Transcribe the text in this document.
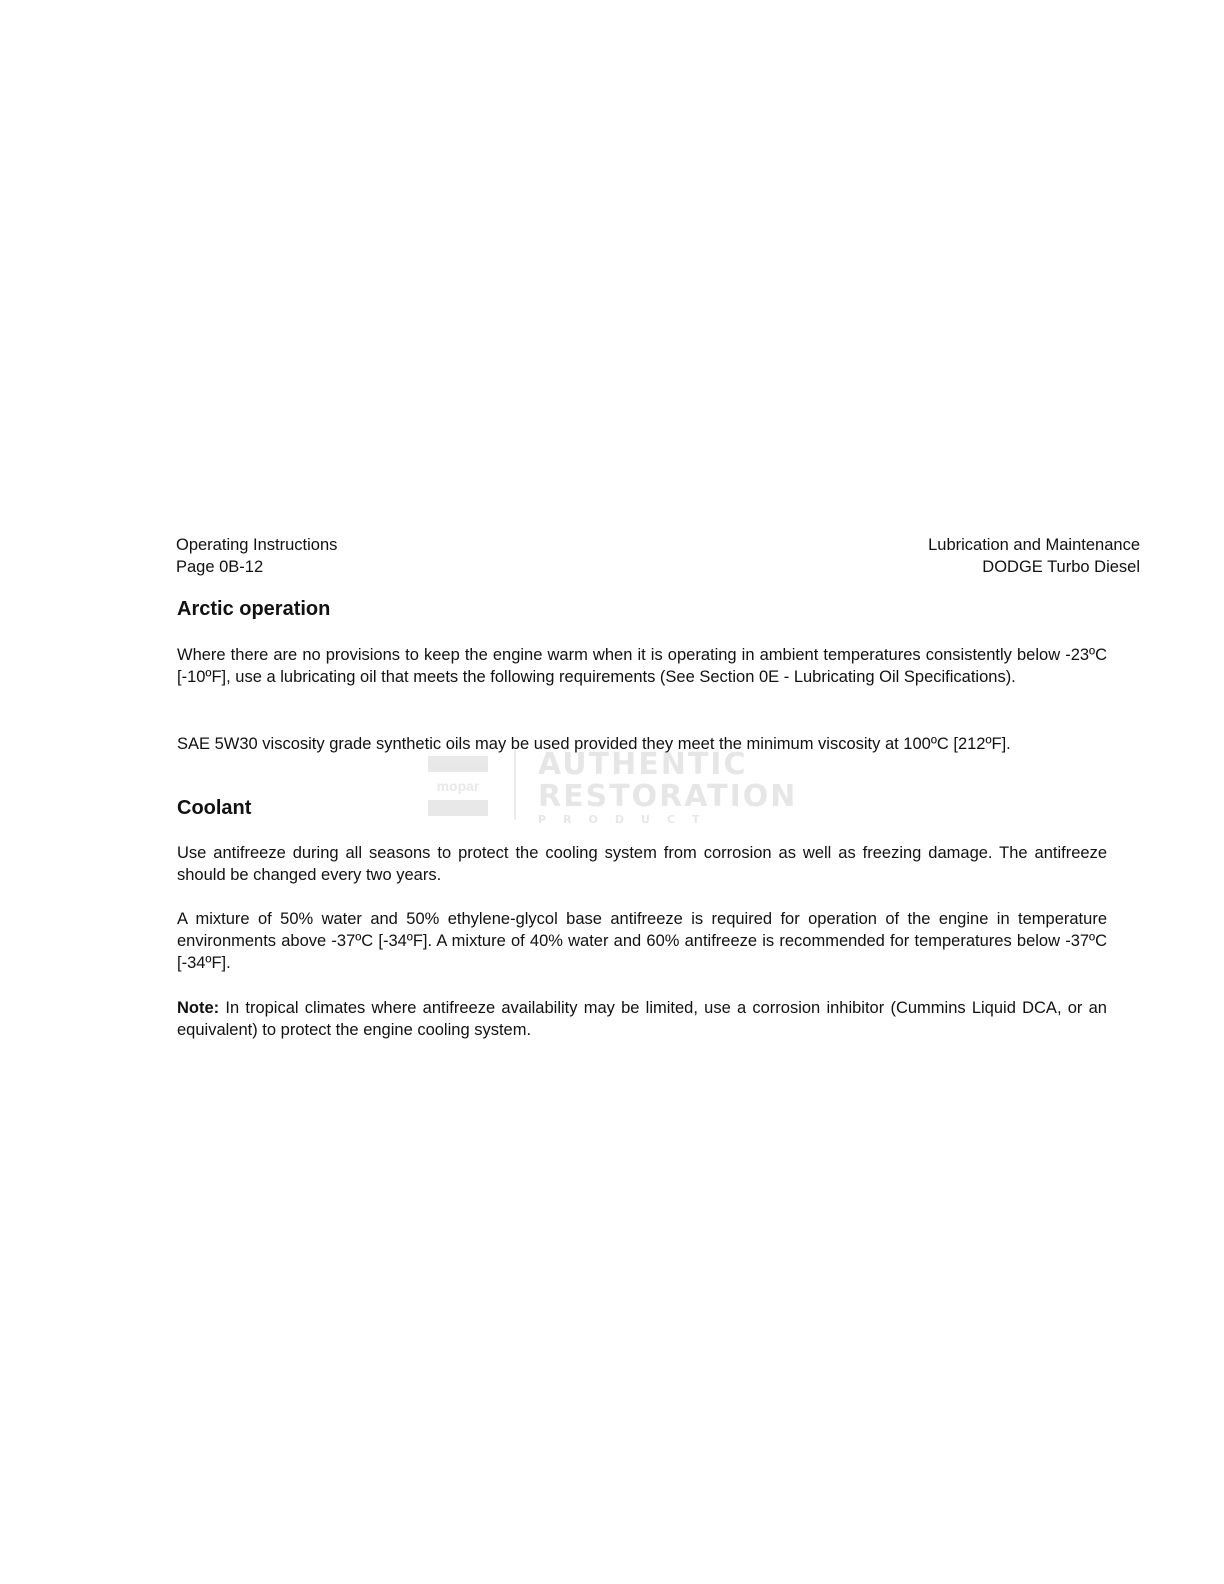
Operating Instructions
Page 0B-12
Lubrication and Maintenance
DODGE Turbo Diesel
Arctic operation
Where there are no provisions to keep the engine warm when it is operating in ambient temperatures consistently below -23ºC [-10ºF], use a lubricating oil that meets the following requirements (See Section 0E - Lubricating Oil Specifications).
SAE 5W30 viscosity grade synthetic oils may be used provided they meet the minimum viscosity at 100ºC [212ºF].
mopar
AUTHENTIC
RESTORATION
PRODUCT
Coolant
Use antifreeze during all seasons to protect the cooling system from corrosion as well as freezing damage. The antifreeze should be changed every two years.
A mixture of 50% water and 50% ethylene-glycol base antifreeze is required for operation of the engine in temperature environments above -37ºC [-34ºF]. A mixture of 40% water and 60% antifreeze is recommended for temperatures below -37ºC [-34ºF].
Note: In tropical climates where antifreeze availability may be limited, use a corrosion inhibitor (Cummins Liquid DCA, or an equivalent) to protect the engine cooling system.
